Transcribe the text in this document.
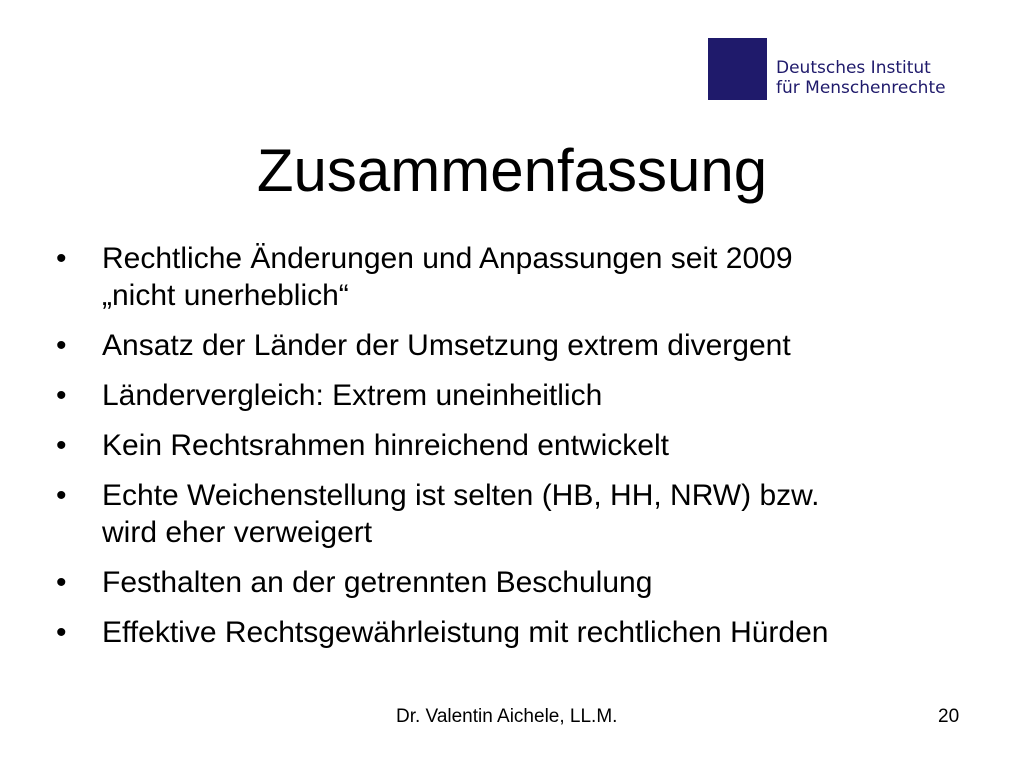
Deutsches Institut
für Menschenrechte
Zusammenfassung
•	Rechtliche Änderungen und Anpassungen seit 2009
„nicht unerheblich“
•	Ansatz der Länder der Umsetzung extrem divergent
•	Ländervergleich: Extrem uneinheitlich
•	Kein Rechtsrahmen hinreichend entwickelt
•	Echte Weichenstellung ist selten (HB, HH, NRW) bzw.
wird eher verweigert
•	Festhalten an der getrennten Beschulung
•	Effektive Rechtsgewährleistung mit rechtlichen Hürden
Dr. Valentin Aichele, LL.M.	20
